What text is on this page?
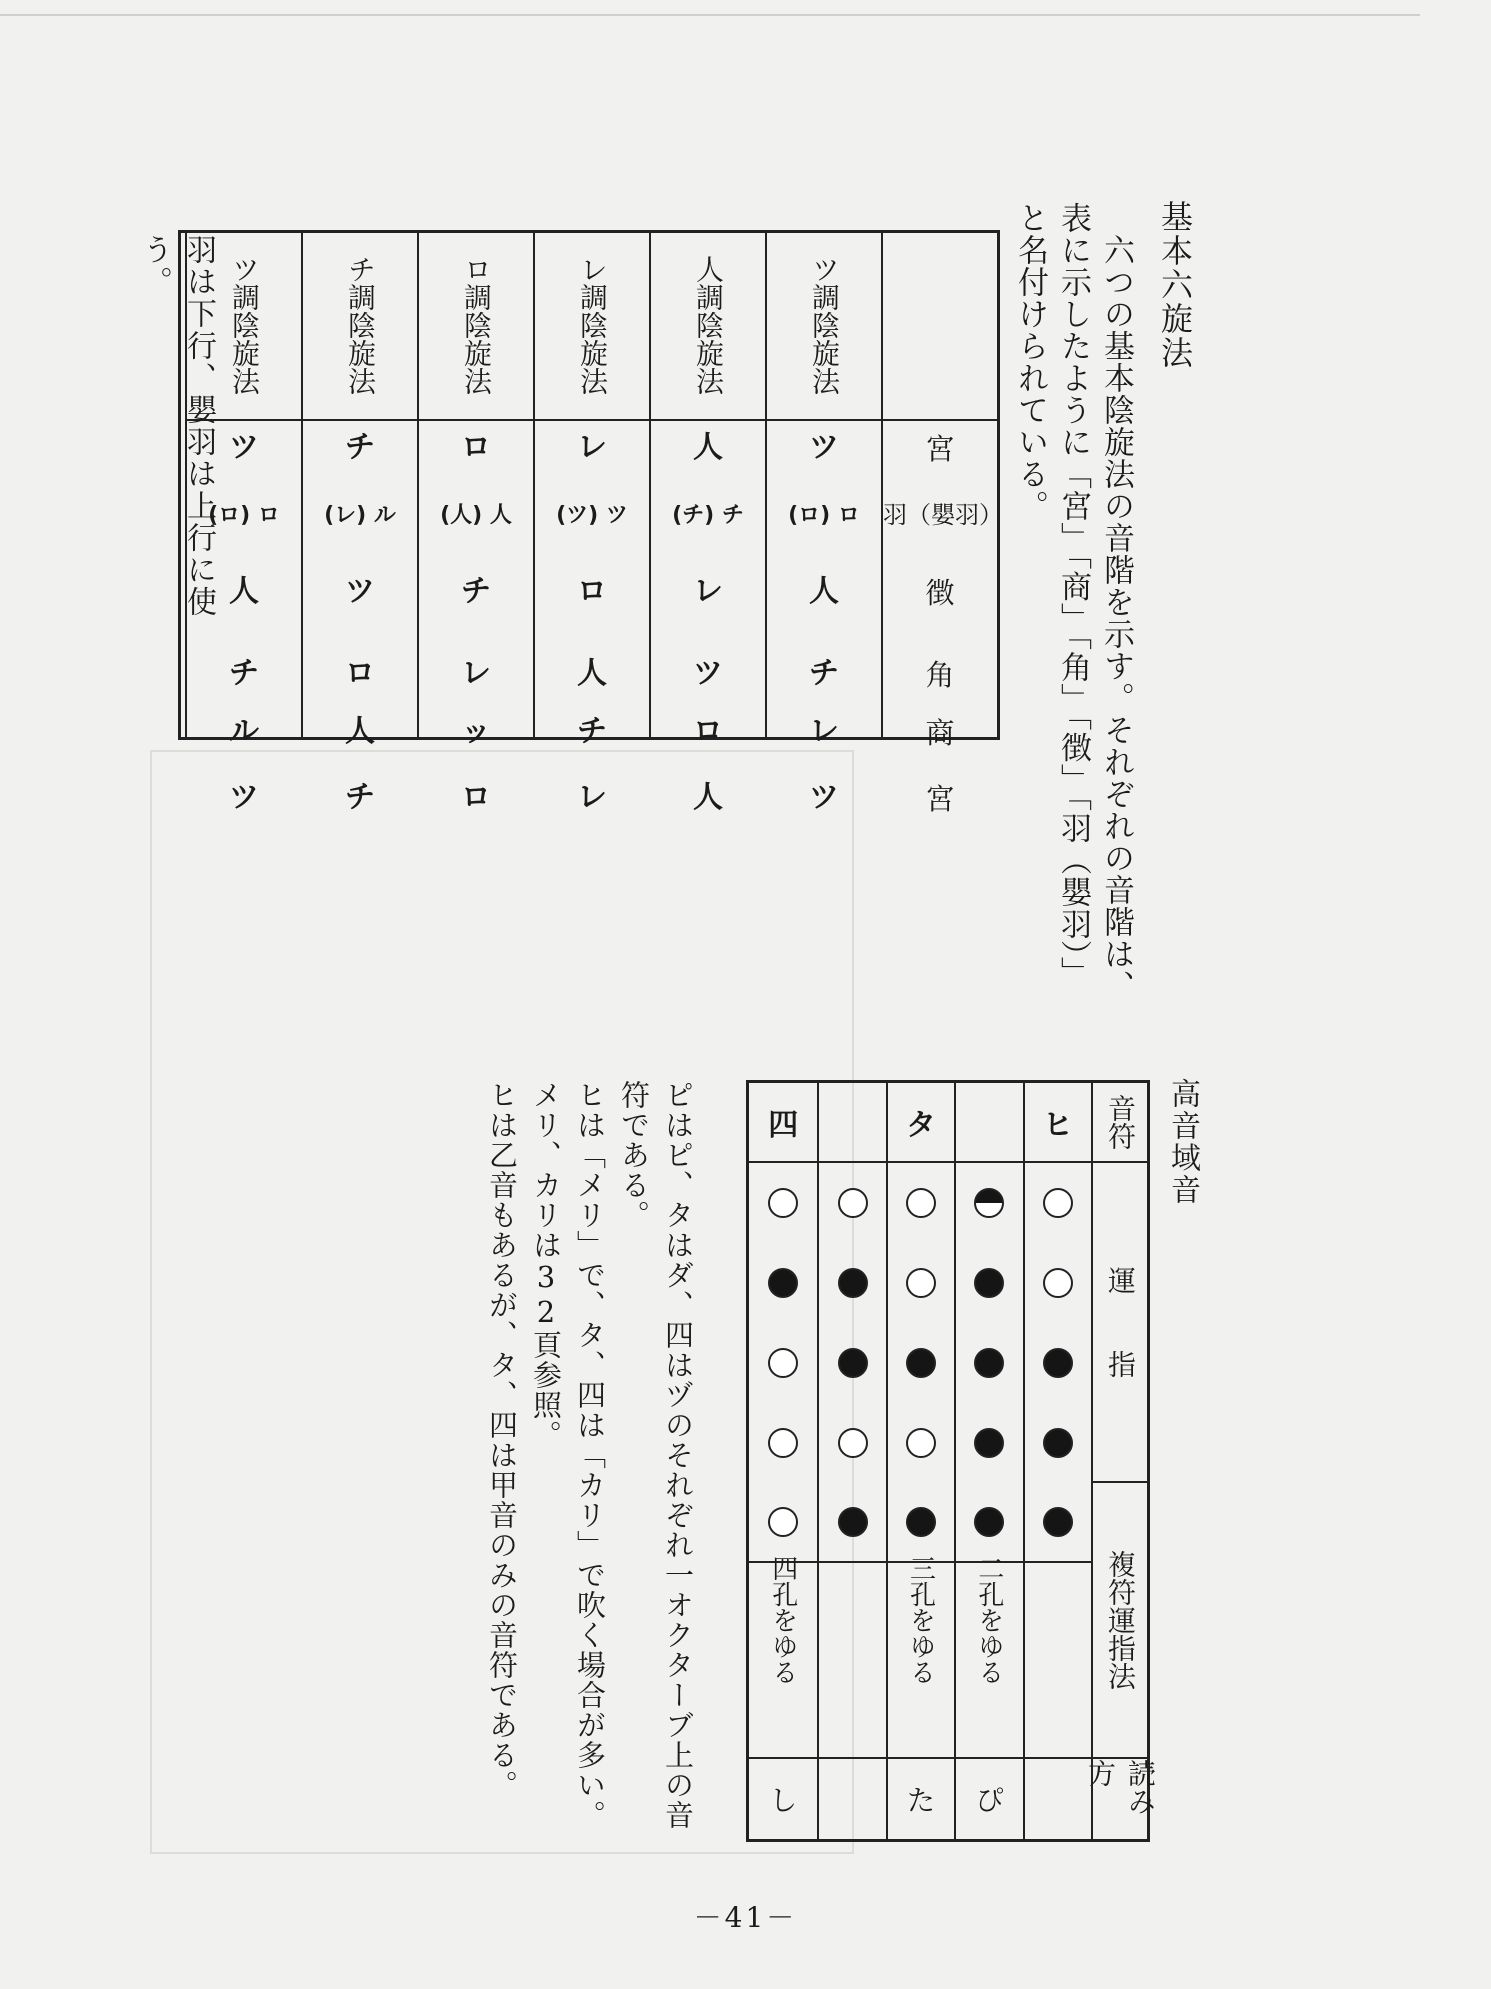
基本六旋法
　六つの基本陰旋法の音階を示す。それぞれの音階は、表に示したように「宮」「商」「角」「徴」「羽（嬰羽）」と名付けられている。
宮
羽（嬰羽）
徴
角
商
宮
ツ調陰旋法
ツ
(ロ) ロ
人
チ
レ
ツ
人調陰旋法
人
(チ) チ
レ
ツ
ロ
人
レ調陰旋法
レ
(ツ) ツ
ロ
人
チ
レ
ロ調陰旋法
ロ
(人) 人
チ
レ
ッ
ロ
チ調陰旋法
チ
(レ) ル
ツ
ロ
人
チ
ツ調陰旋法
ツ
(ロ) ロ
人
チ
ル
ツ
羽は下行、嬰羽は上行に使う。
高音域音
音符
運　　指
複符運指法
読み方
ヒ
二孔をゆる
ぴ
タ
三孔をゆる
た
四
四孔をゆる
し
ピはピ、タはダ、四はヅのそれぞれ一オクターブ上の音符である。
ヒは「メリ」で、タ、四は「カリ」で吹く場合が多い。メリ、カリは32頁参照。
ヒは乙音もあるが、タ、四は甲音のみの音符である。
－41－
